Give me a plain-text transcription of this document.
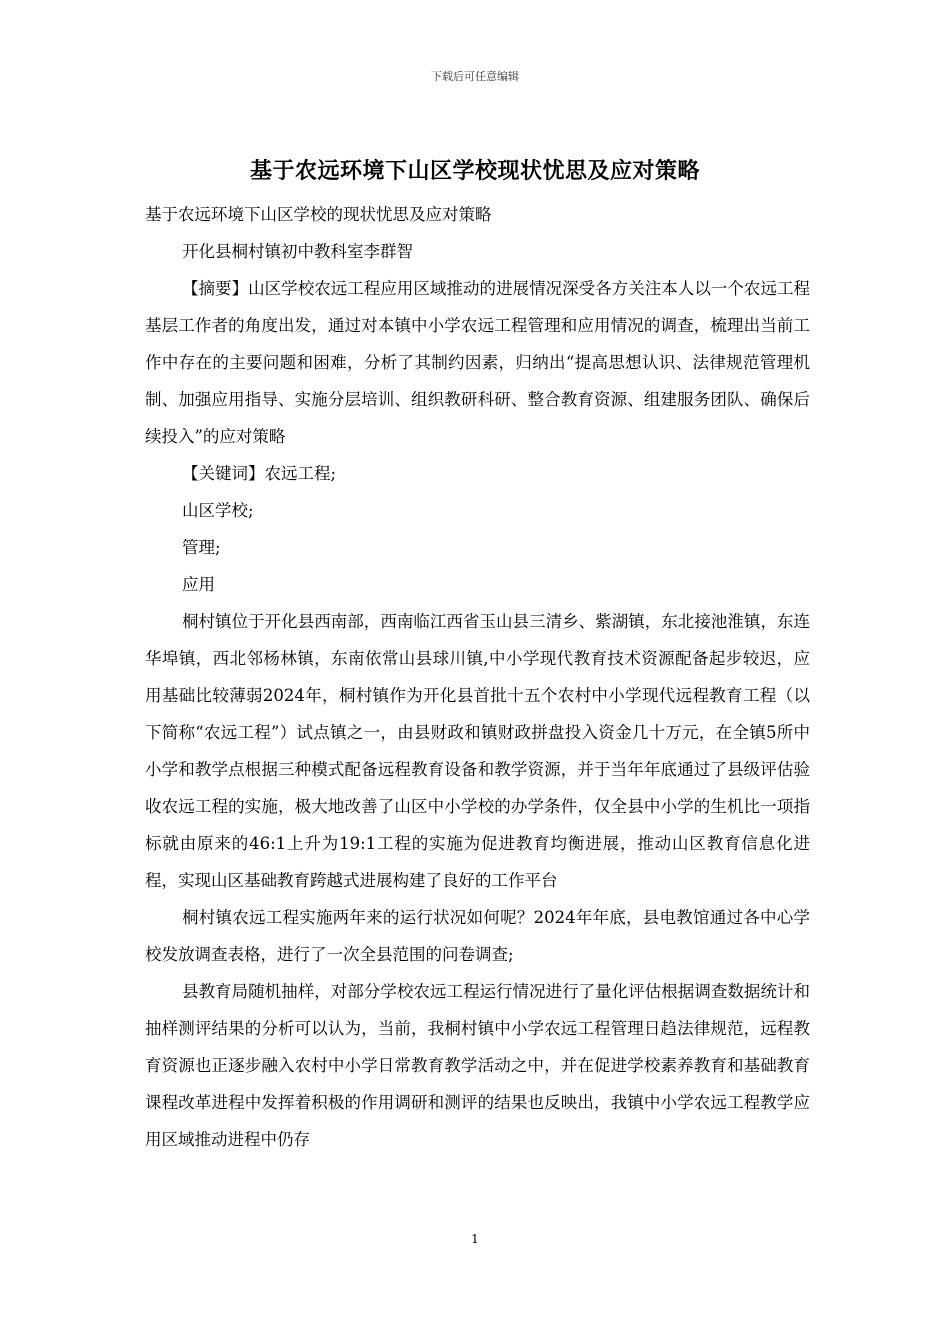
下载后可任意编辑
基于农远环境下山区学校现状忧思及应对策略

基于农远环境下山区学校的现状忧思及应对策略

开化县桐村镇初中教科室李群智

【摘要】山区学校农远工程应用区域推动的进展情况深受各方关注本人以一个农远工程基层工作者的角度出发，通过对本镇中小学农远工程管理和应用情况的调查，梳理出当前工作中存在的主要问题和困难，分析了其制约因素，归纳出“提高思想认识、法律规范管理机制、加强应用指导、实施分层培训、组织教研科研、整合教育资源、组建服务团队、确保后续投入”的应对策略

【关键词】农远工程;

山区学校;

管理;

应用

桐村镇位于开化县西南部，西南临江西省玉山县三清乡、紫湖镇，东北接池淮镇，东连华埠镇，西北邻杨林镇，东南依常山县球川镇,中小学现代教育技术资源配备起步较迟，应用基础比较薄弱2024年，桐村镇作为开化县首批十五个农村中小学现代远程教育工程（以下简称“农远工程”）试点镇之一，由县财政和镇财政拼盘投入资金几十万元，在全镇5所中小学和教学点根据三种模式配备远程教育设备和教学资源，并于当年年底通过了县级评估验收农远工程的实施，极大地改善了山区中小学校的办学条件，仅全县中小学的生机比一项指标就由原来的46:1上升为19:1工程的实施为促进教育均衡进展，推动山区教育信息化进程，实现山区基础教育跨越式进展构建了良好的工作平台

桐村镇农远工程实施两年来的运行状况如何呢？2024年年底，县电教馆通过各中心学校发放调查表格，进行了一次全县范围的问卷调查;

县教育局随机抽样，对部分学校农远工程运行情况进行了量化评估根据调查数据统计和抽样测评结果的分析可以认为，当前，我桐村镇中小学农远工程管理日趋法律规范，远程教育资源也正逐步融入农村中小学日常教育教学活动之中，并在促进学校素养教育和基础教育课程改革进程中发挥着积极的作用调研和测评的结果也反映出，我镇中小学农远工程教学应用区域推动进程中仍存

1
